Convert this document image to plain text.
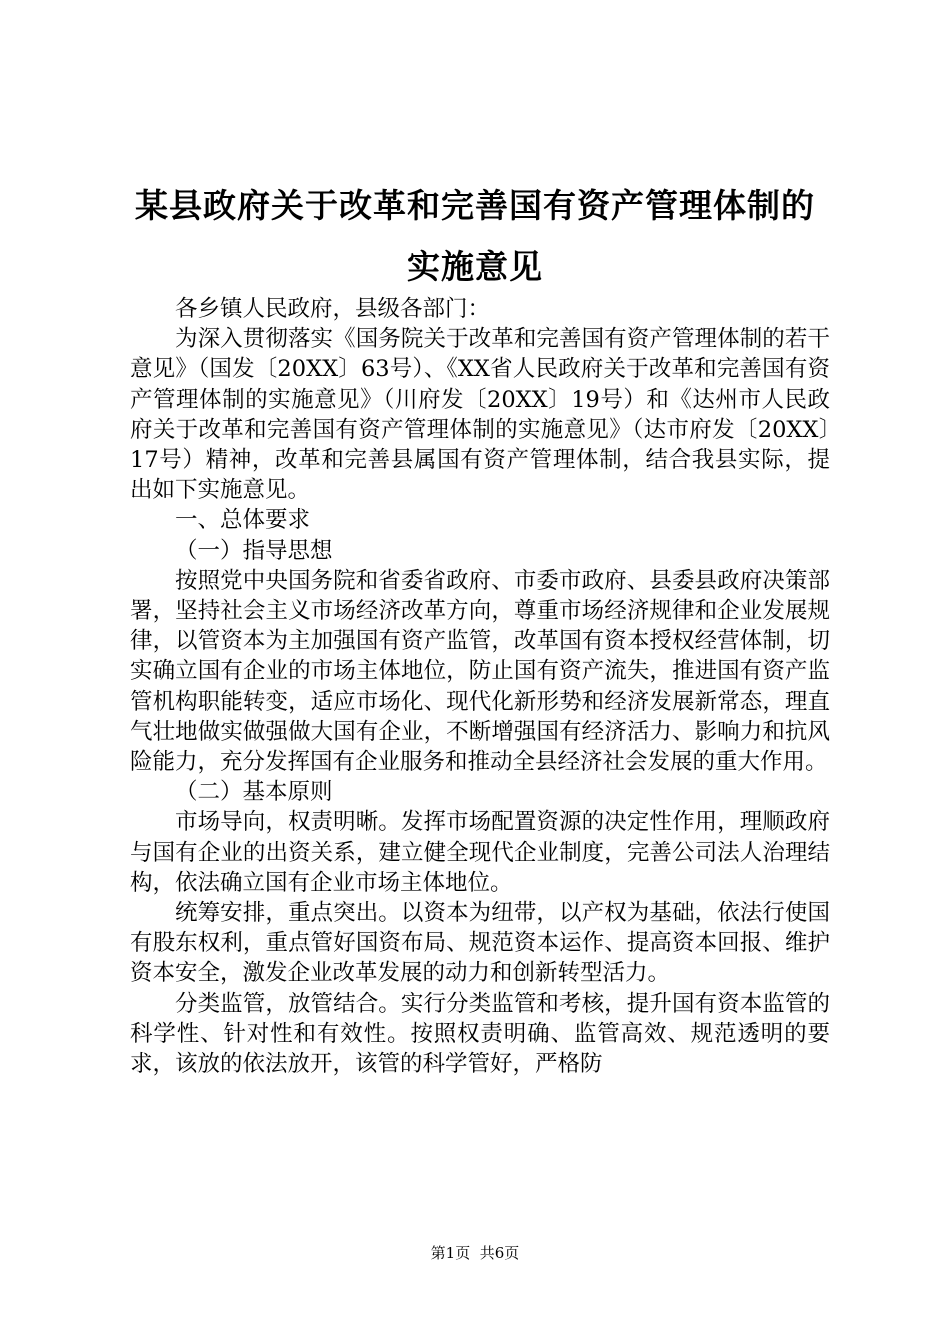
某县政府关于改革和完善国有资产管理体制的
实施意见

各乡镇人民政府，县级各部门：

为深入贯彻落实《国务院关于改革和完善国有资产管理体制的若干意见》（国发〔20XX〕63号）、《XX省人民政府关于改革和完善国有资产管理体制的实施意见》（川府发〔20XX〕19号）和《达州市人民政府关于改革和完善国有资产管理体制的实施意见》（达市府发〔20XX〕17号）精神，改革和完善县属国有资产管理体制，结合我县实际，提出如下实施意见。

一、总体要求

（一）指导思想

按照党中央国务院和省委省政府、市委市政府、县委县政府决策部署，坚持社会主义市场经济改革方向，尊重市场经济规律和企业发展规律，以管资本为主加强国有资产监管，改革国有资本授权经营体制，切实确立国有企业的市场主体地位，防止国有资产流失，推进国有资产监管机构职能转变，适应市场化、现代化新形势和经济发展新常态，理直气壮地做实做强做大国有企业，不断增强国有经济活力、影响力和抗风险能力，充分发挥国有企业服务和推动全县经济社会发展的重大作用。

（二）基本原则

市场导向，权责明晰。发挥市场配置资源的决定性作用，理顺政府与国有企业的出资关系，建立健全现代企业制度，完善公司法人治理结构，依法确立国有企业市场主体地位。

统筹安排，重点突出。以资本为纽带，以产权为基础，依法行使国有股东权利，重点管好国资布局、规范资本运作、提高资本回报、维护资本安全，激发企业改革发展的动力和创新转型活力。

分类监管，放管结合。实行分类监管和考核，提升国有资本监管的科学性、针对性和有效性。按照权责明确、监管高效、规范透明的要求，该放的依法放开，该管的科学管好，严格防

第1页 共6页
